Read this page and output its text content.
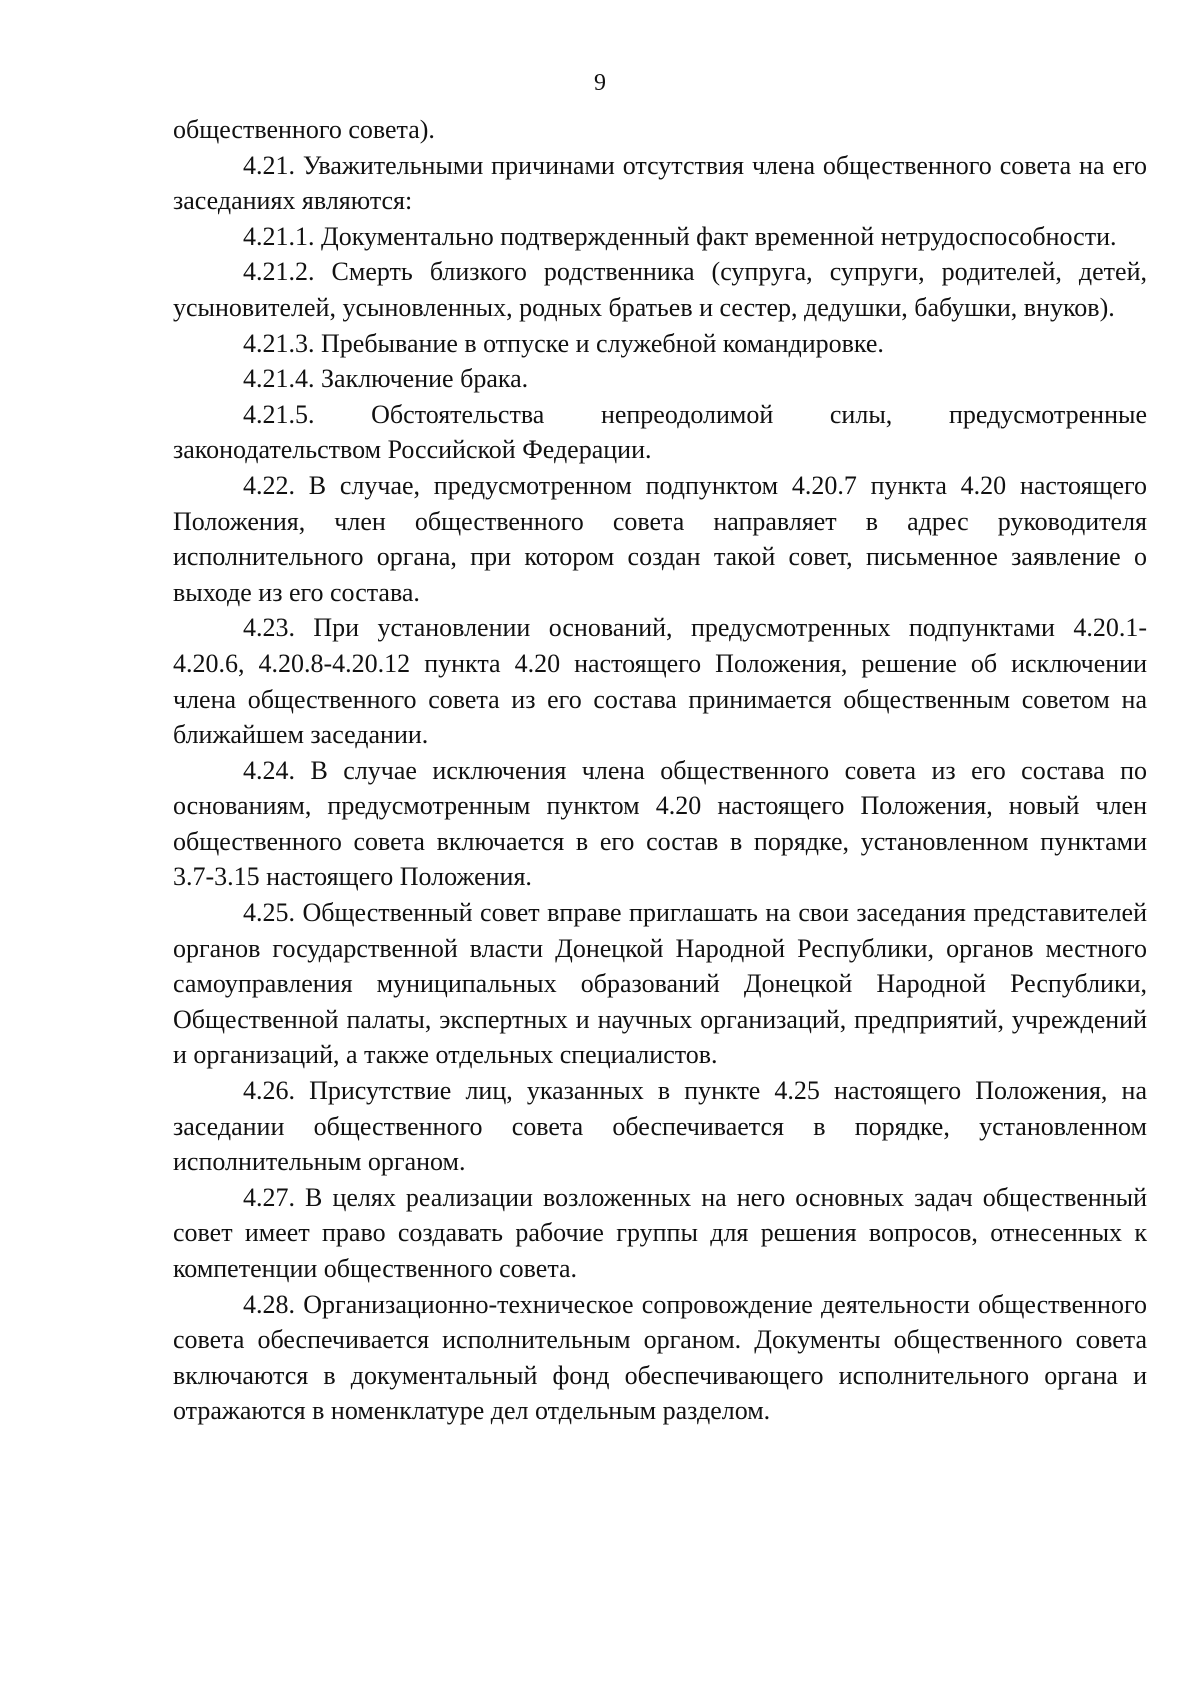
9

общественного совета).

4.21. Уважительными причинами отсутствия члена общественного совета на его заседаниях являются:

4.21.1. Документально подтвержденный факт временной нетрудоспособности.

4.21.2. Смерть близкого родственника (супруга, супруги, родителей, детей, усыновителей, усыновленных, родных братьев и сестер, дедушки, бабушки, внуков).

4.21.3. Пребывание в отпуске и служебной командировке.

4.21.4. Заключение брака.

4.21.5. Обстоятельства непреодолимой силы, предусмотренные законодательством Российской Федерации.

4.22. В случае, предусмотренном подпунктом 4.20.7 пункта 4.20 настоящего Положения, член общественного совета направляет в адрес руководителя исполнительного органа, при котором создан такой совет, письменное заявление о выходе из его состава.

4.23. При установлении оснований, предусмотренных подпунктами 4.20.1-4.20.6, 4.20.8-4.20.12 пункта 4.20 настоящего Положения, решение об исключении члена общественного совета из его состава принимается общественным советом на ближайшем заседании.

4.24. В случае исключения члена общественного совета из его состава по основаниям, предусмотренным пунктом 4.20 настоящего Положения, новый член общественного совета включается в его состав в порядке, установленном пунктами 3.7-3.15 настоящего Положения.

4.25. Общественный совет вправе приглашать на свои заседания представителей органов государственной власти Донецкой Народной Республики, органов местного самоуправления муниципальных образований Донецкой Народной Республики, Общественной палаты, экспертных и научных организаций, предприятий, учреждений и организаций, а также отдельных специалистов.

4.26. Присутствие лиц, указанных в пункте 4.25 настоящего Положения, на заседании общественного совета обеспечивается в порядке, установленном исполнительным органом.

4.27. В целях реализации возложенных на него основных задач общественный совет имеет право создавать рабочие группы для решения вопросов, отнесенных к компетенции общественного совета.

4.28. Организационно-техническое сопровождение деятельности общественного совета обеспечивается исполнительным органом. Документы общественного совета включаются в документальный фонд обеспечивающего исполнительного органа и отражаются в номенклатуре дел отдельным разделом.
